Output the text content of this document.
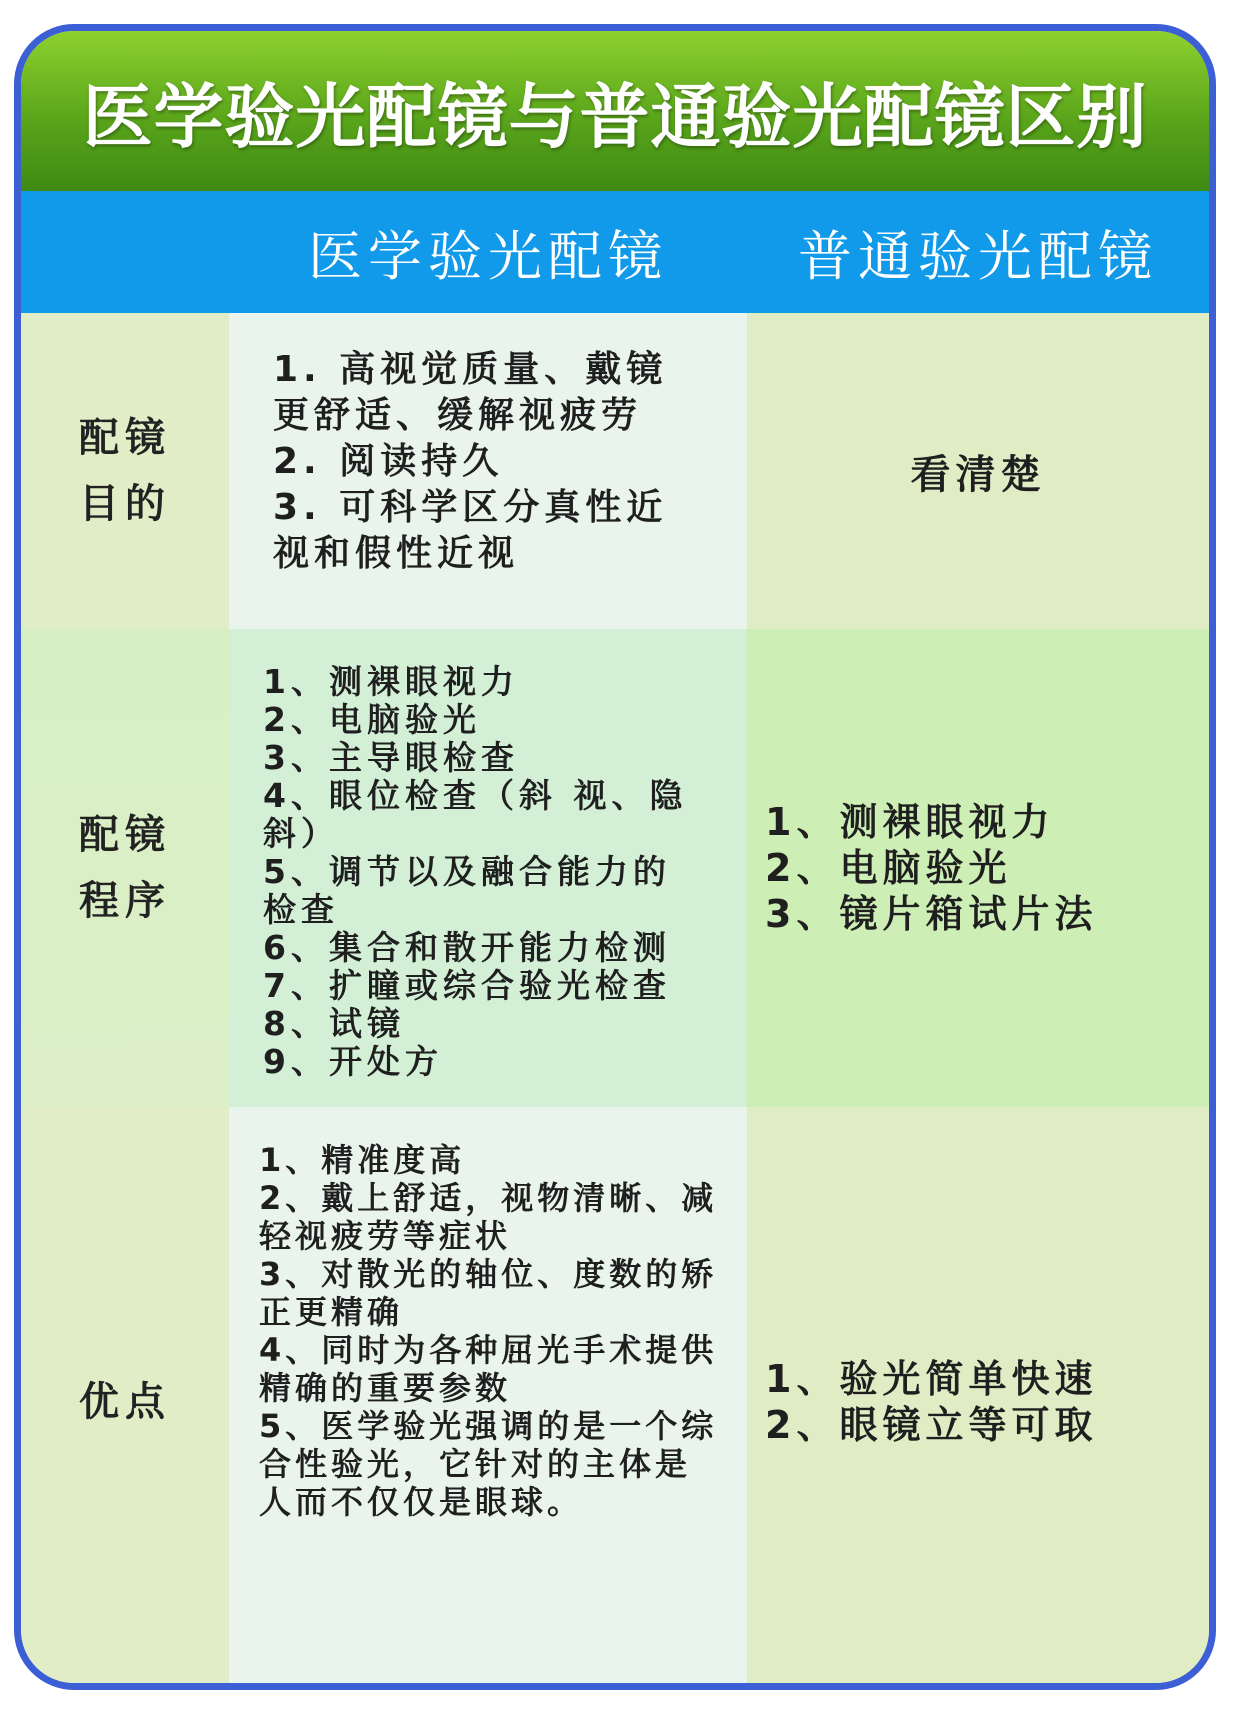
医学验光配镜与普通验光配镜区别
医学验光配镜	普通验光配镜
配镜
目的
1. 高视觉质量、戴镜更舒适、缓解视疲劳
2. 阅读持久
3. 可科学区分真性近视和假性近视
看清楚
配镜
程序
1、测裸眼视力
2、电脑验光
3、主导眼检查
4、眼位检查（斜 视、隐斜）
5、调节以及融合能力的检查
6、集合和散开能力检测
7、扩瞳或综合验光检查
8、试镜
9、开处方
1、测裸眼视力
2、电脑验光
3、镜片箱试片法
优点
1、精准度高
2、戴上舒适，视物清晰、减轻视疲劳等症状
3、对散光的轴位、度数的矫正更精确
4、同时为各种屈光手术提供精确的重要参数
5、医学验光强调的是一个综合性验光，它针对的主体是人而不仅仅是眼球。
1、验光简单快速
2、眼镜立等可取
